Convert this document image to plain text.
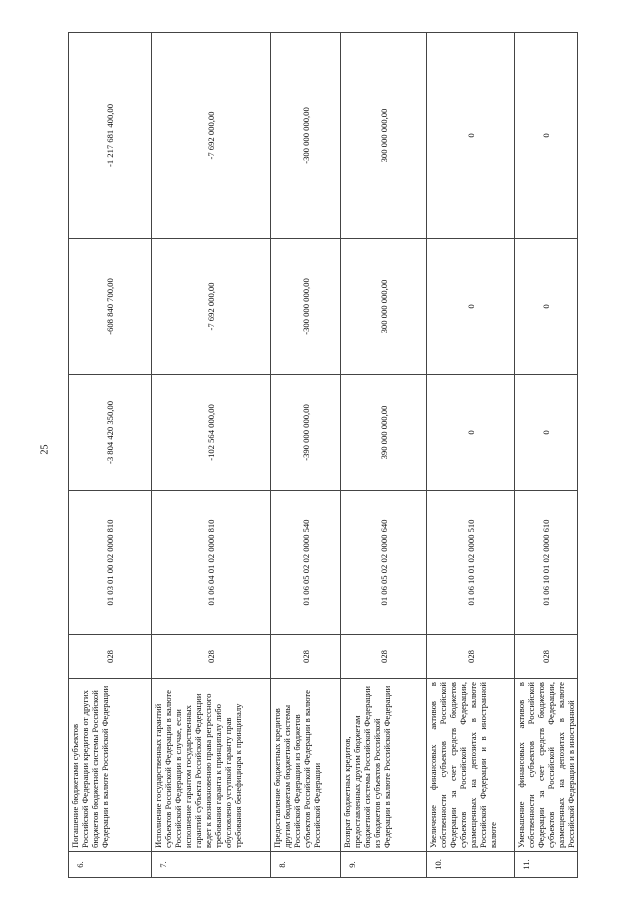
25
6.	Погашение бюджетами субъектов Российской Федерации кредитов от других бюджетов бюджетной системы Российской Федерации в валюте Российской Федерации	028	01 03 01 00 02 0000 810	-3 804 420 350,00	-608 840 700,00	-1 217 681 400,00
7.	Исполнение государственных гарантий субъектов Российской Федерации в валюте Российской Федерации в случае, если исполнение гарантом государственных гарантий субъекта Российской Федерации ведет к возникновению права регрессного требования гаранта к принципалу либо обусловлено уступкой гаранту прав требования бенефициара к принципалу	028	01 06 04 01 02 0000 810	-102 564 000,00	-7 692 000,00	-7 692 000,00
8.	Предоставление бюджетных кредитов другим бюджетам бюджетной системы Российской Федерации из бюджетов субъектов Российской Федерации в валюте Российской Федерации	028	01 06 05 02 02 0000 540	-390 000 000,00	-300 000 000,00	-300 000 000,00
9.	Возврат бюджетных кредитов, предоставленных другим бюджетам бюджетной системы Российской Федерации из бюджетов субъектов Российской Федерации в валюте Российской Федерации	028	01 06 05 02 02 0000 640	390 000 000,00	300 000 000,00	300 000 000,00
10.	Увеличение финансовых активов в собственности субъектов Российской Федерации за счет средств бюджетов субъектов Российской Федерации, размещенных на депозитах в валюте Российской Федерации и в иностранной валюте	028	01 06 10 01 02 0000 510	0	0	0
11.	Уменьшение финансовых активов в собственности субъектов Российской Федерации за счет средств бюджетов субъектов Российской Федерации, размещенных на депозитах в валюте Российской Федерации и в иностранной	028	01 06 10 01 02 0000 610	0	0	0
